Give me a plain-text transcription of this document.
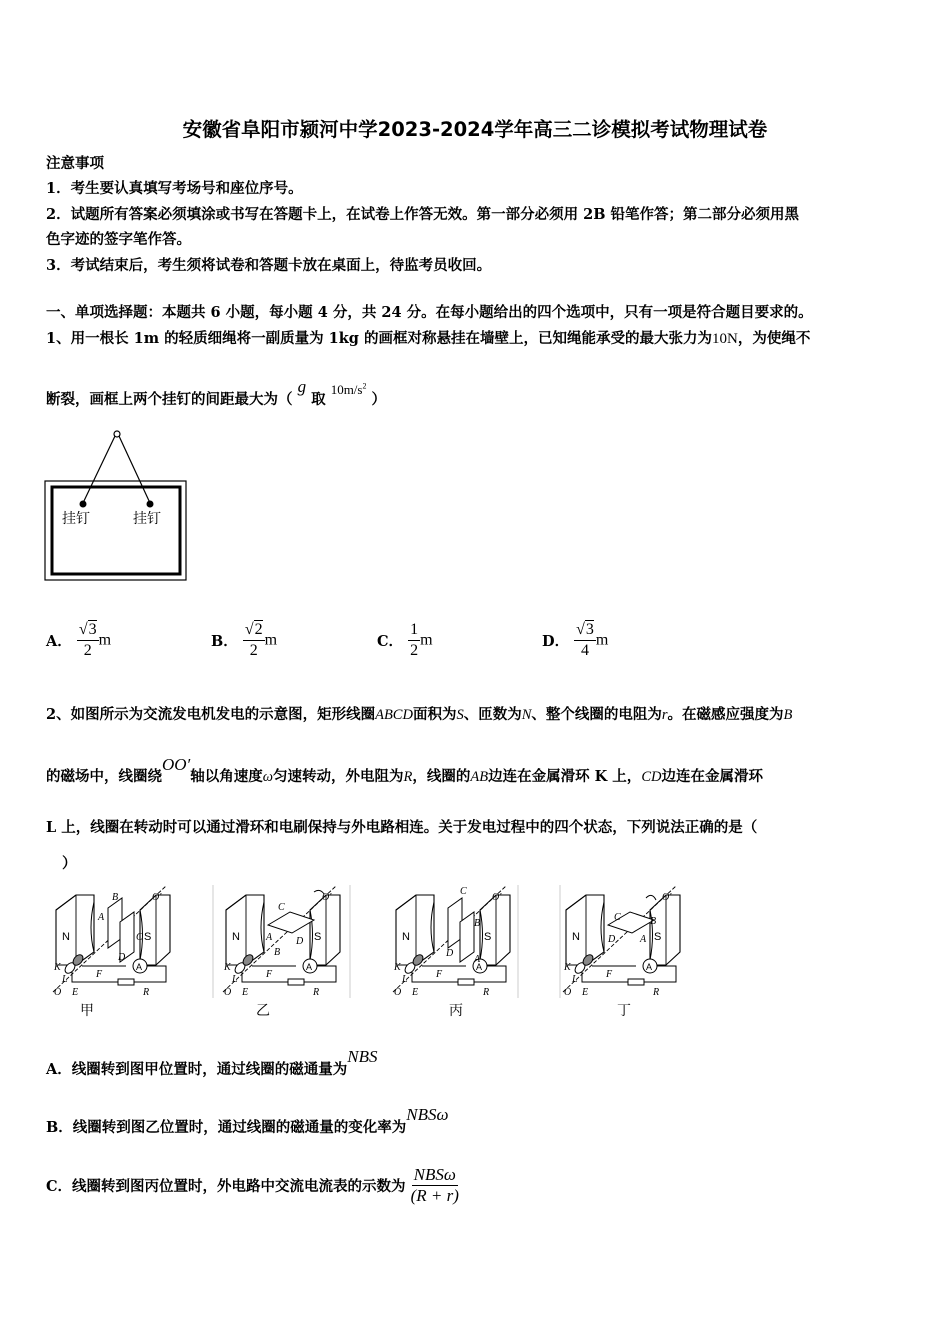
安徽省阜阳市颍河中学2023-2024学年高三二诊模拟考试物理试卷
注意事项
1．考生要认真填写考场号和座位序号。
2．试题所有答案必须填涂或书写在答题卡上，在试卷上作答无效。第一部分必须用 2B 铅笔作答；第二部分必须用黑
色字迹的签字笔作答。
3．考试结束后，考生须将试卷和答题卡放在桌面上，待监考员收回。
一、单项选择题：本题共 6 小题，每小题 4 分，共 24 分。在每小题给出的四个选项中，只有一项是符合题目要求的。
1、用一根长 1m 的轻质细绳将一副质量为 1kg 的画框对称悬挂在墙壁上，已知绳能承受的最大张力为10N，为使绳不
断裂，画框上两个挂钉的间距最大为（ g 取 $10m/s^2$ ）
挂钉	挂钉
A． $\frac{√3}{2}$ m	B． $\frac{√2}{2}$ m	C． $\frac{1}{2}$ m	D． $\frac{√3}{4}$ m
2、如图所示为交流发电机发电的示意图，矩形线圈ABCD面积为S、匝数为N、整个线圈的电阻为r。在磁感应强度为B
的磁场中，线圈绕OO′轴以角速度ω匀速转动，外电阻为R，线圈的AB边连在金属滑环 K 上，CD边连在金属滑环
L 上，线圈在转动时可以通过滑环和电刷保持与外电路相连。关于发电过程中的四个状态，下列说法正确的是（
）
B
A
C
D
A
B
D
C
C
B
D
A
C
D A
B
甲	乙	丙	丁
A．线圈转到图甲位置时，通过线圈的磁通量为NBS
B．线圈转到图乙位置时，通过线圈的磁通量的变化率为NBSω
C．线圈转到图丙位置时，外电路中交流电流表的示数为 $\frac{\text{NBSω}}{(R + r)}$
